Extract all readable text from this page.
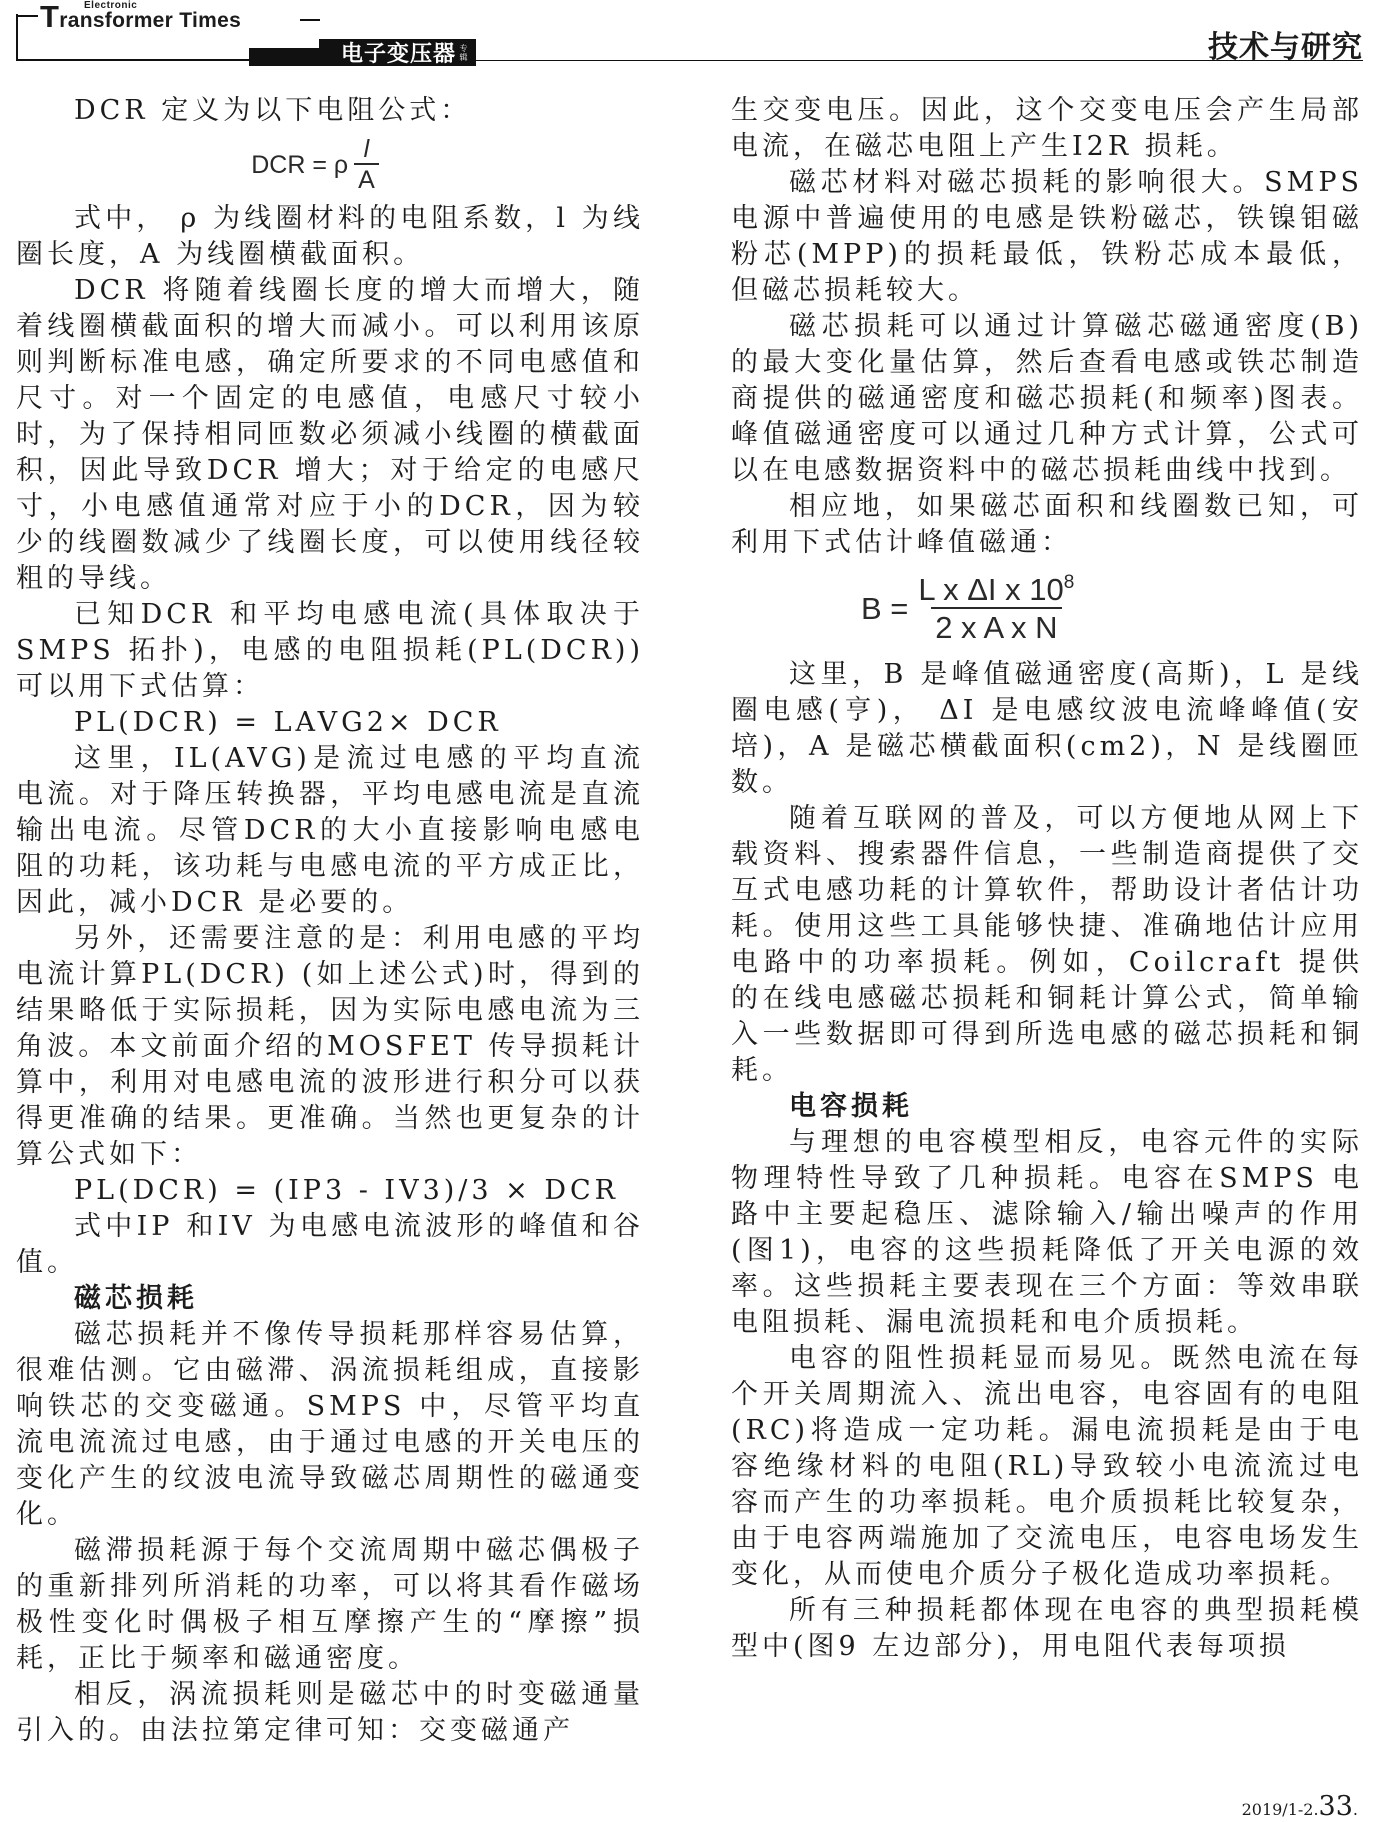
Electronic
Transformer Times
电子变压器 专辑	技术与研究

DCR 定义为以下电阻公式：

DCR = ρ $\frac{l}{A}$

式中， ρ 为线圈材料的电阻系数，l 为线圈长度，A 为线圈横截面积。

DCR 将随着线圈长度的增大而增大，随着线圈横截面积的增大而减小。可以利用该原则判断标准电感，确定所要求的不同电感值和尺寸。对一个固定的电感值，电感尺寸较小时，为了保持相同匝数必须减小线圈的横截面积，因此导致DCR 增大；对于给定的电感尺寸，小电感值通常对应于小的DCR，因为较少的线圈数减少了线圈长度，可以使用线径较粗的导线。

已知DCR 和平均电感电流(具体取决于SMPS 拓扑)，电感的电阻损耗(PL(DCR))可以用下式估算：

PL(DCR) = LAVG2× DCR

这里，IL(AVG)是流过电感的平均直流电流。对于降压转换器，平均电感电流是直流输出电流。尽管DCR的大小直接影响电感电阻的功耗，该功耗与电感电流的平方成正比，因此，减小DCR 是必要的。

另外，还需要注意的是：利用电感的平均电流计算PL(DCR) (如上述公式)时，得到的结果略低于实际损耗，因为实际电感电流为三角波。本文前面介绍的MOSFET 传导损耗计算中，利用对电感电流的波形进行积分可以获得更准确的结果。更准确。当然也更复杂的计算公式如下：

PL(DCR) = (IP3 - IV3)/3 × DCR

式中IP 和IV 为电感电流波形的峰值和谷值。

磁芯损耗

磁芯损耗并不像传导损耗那样容易估算，很难估测。它由磁滞、涡流损耗组成，直接影响铁芯的交变磁通。SMPS 中，尽管平均直流电流流过电感，由于通过电感的开关电压的变化产生的纹波电流导致磁芯周期性的磁通变化。

磁滞损耗源于每个交流周期中磁芯偶极子的重新排列所消耗的功率，可以将其看作磁场极性变化时偶极子相互摩擦产生的“摩擦”损耗，正比于频率和磁通密度。

相反，涡流损耗则是磁芯中的时变磁通量引入的。由法拉第定律可知：交变磁通产

生交变电压。因此，这个交变电压会产生局部电流，在磁芯电阻上产生I2R 损耗。

磁芯材料对磁芯损耗的影响很大。SMPS 电源中普遍使用的电感是铁粉磁芯，铁镍钼磁粉芯(MPP)的损耗最低，铁粉芯成本最低，但磁芯损耗较大。

磁芯损耗可以通过计算磁芯磁通密度(B)的最大变化量估算，然后查看电感或铁芯制造商提供的磁通密度和磁芯损耗(和频率)图表。峰值磁通密度可以通过几种方式计算，公式可以在电感数据资料中的磁芯损耗曲线中找到。

相应地，如果磁芯面积和线圈数已知，可利用下式估计峰值磁通：

$B = \frac{L x \Delta I x 10^8}{\text{2 x A x N}}$

这里，B 是峰值磁通密度(高斯)，L 是线圈电感(亨)， ΔI 是电感纹波电流峰峰值(安培)，A 是磁芯横截面积(cm2)，N 是线圈匝数。

随着互联网的普及，可以方便地从网上下载资料、搜索器件信息，一些制造商提供了交互式电感功耗的计算软件，帮助设计者估计功耗。使用这些工具能够快捷、准确地估计应用电路中的功率损耗。例如，Coilcraft 提供的在线电感磁芯损耗和铜耗计算公式，简单输入一些数据即可得到所选电感的磁芯损耗和铜耗。

电容损耗

与理想的电容模型相反，电容元件的实际物理特性导致了几种损耗。电容在SMPS 电路中主要起稳压、滤除输入/输出噪声的作用(图1)，电容的这些损耗降低了开关电源的效率。这些损耗主要表现在三个方面：等效串联电阻损耗、漏电流损耗和电介质损耗。

电容的阻性损耗显而易见。既然电流在每个开关周期流入、流出电容，电容固有的电阻(RC)将造成一定功耗。漏电流损耗是由于电容绝缘材料的电阻(RL)导致较小电流流过电容而产生的功率损耗。电介质损耗比较复杂，由于电容两端施加了交流电压，电容电场发生变化，从而使电介质分子极化造成功率损耗。

所有三种损耗都体现在电容的典型损耗模型中(图9 左边部分)，用电阻代表每项损

2019/1-2.33.
